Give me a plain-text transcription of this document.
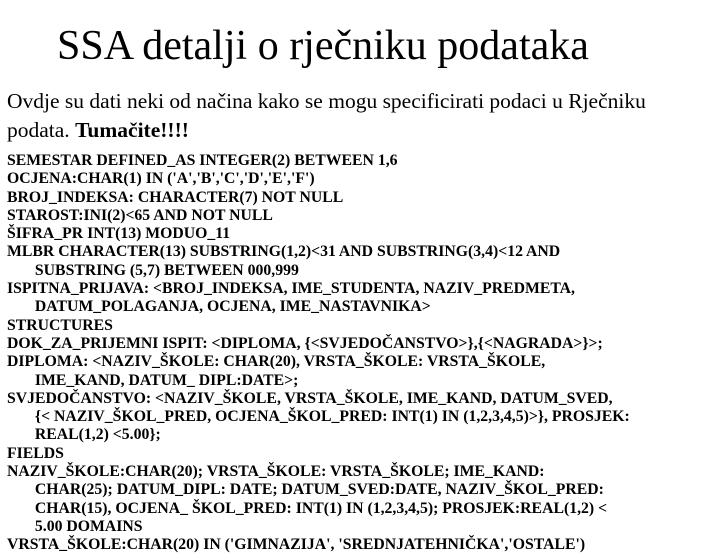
SSA detalji o rječniku podataka
Ovdje su dati neki od načina kako se mogu specificirati podaci u Rječniku podata. Tumačite!!!!
SEMESTAR DEFINED_AS INTEGER(2) BETWEEN 1,6
OCJENA:CHAR(1) IN ('A','B','C','D','E','F')
BROJ_INDEKSA: CHARACTER(7) NOT NULL
STAROST:INI(2)<65 AND NOT NULL
ŠIFRA_PR INT(13) MODUO_11
MLBR CHARACTER(13) SUBSTRING(1,2)<31 AND SUBSTRING(3,4)<12 AND
SUBSTRING (5,7) BETWEEN 000,999
ISPITNA_PRIJAVA: <BROJ_INDEKSA, IME_STUDENTA, NAZIV_PREDMETA,
DATUM_POLAGANJA, OCJENA, IME_NASTAVNIKA>
STRUCTURES
DOK_ZA_PRIJEMNI ISPIT: <DIPLOMA, {<SVJEDOČANSTVO>},{<NAGRADA>}>;
DIPLOMA: <NAZIV_ŠKOLE: CHAR(20), VRSTA_ŠKOLE: VRSTA_ŠKOLE,
IME_KAND, DATUM_ DIPL:DATE>;
SVJEDOČANSTVO: <NAZIV_ŠKOLE, VRSTA_ŠKOLE, IME_KAND, DATUM_SVED,
{< NAZIV_ŠKOL_PRED, OCJENA_ŠKOL_PRED: INT(1) IN (1,2,3,4,5)>}, PROSJEK:
REAL(1,2) <5.00};
FIELDS
NAZIV_ŠKOLE:CHAR(20); VRSTA_ŠKOLE: VRSTA_ŠKOLE; IME_KAND:
CHAR(25); DATUM_DIPL: DATE; DATUM_SVED:DATE, NAZIV_ŠKOL_PRED:
CHAR(15), OCJENA_ ŠKOL_PRED: INT(1) IN (1,2,3,4,5); PROSJEK:REAL(1,2) <
5.00 DOMAINS
VRSTA_ŠKOLE:CHAR(20) IN ('GIMNAZIJA', 'SREDNJATEHNIČKA','OSTALE')
